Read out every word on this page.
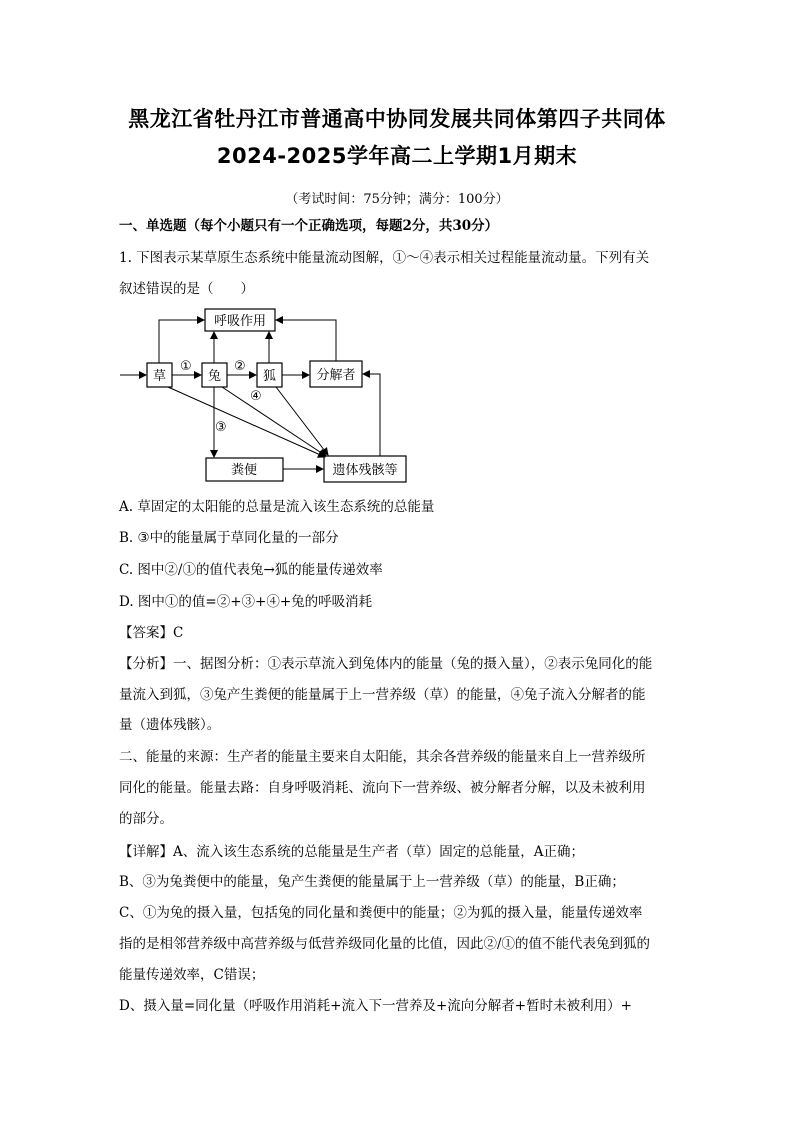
黑龙江省牡丹江市普通高中协同发展共同体第四子共同体
2024-2025学年高二上学期1月期末
（考试时间：75分钟；满分：100分）
一、单选题（每个小题只有一个正确选项，每题2分，共30分）
1. 下图表示某草原生态系统中能量流动图解，①～④表示相关过程能量流动量。下列有关
叙述错误的是（　　）
呼吸作用
草	兔	狐	分解者
粪便	遗体残骸等
①	②
③
④
A. 草固定的太阳能的总量是流入该生态系统的总能量
B. ③中的能量属于草同化量的一部分
C. 图中②/①的值代表兔→狐的能量传递效率
D. 图中①的值=②+③+④+兔的呼吸消耗
【答案】C
【分析】一、据图分析：①表示草流入到兔体内的能量（兔的摄入量），②表示兔同化的能
量流入到狐，③兔产生粪便的能量属于上一营养级（草）的能量，④兔子流入分解者的能
量（遗体残骸）。
二、能量的来源：生产者的能量主要来自太阳能，其余各营养级的能量来自上一营养级所
同化的能量。能量去路：自身呼吸消耗、流向下一营养级、被分解者分解，以及未被利用
的部分。
【详解】A、流入该生态系统的总能量是生产者（草）固定的总能量，A正确；
B、③为兔粪便中的能量，兔产生粪便的能量属于上一营养级（草）的能量，B正确；
C、①为兔的摄入量，包括兔的同化量和粪便中的能量；②为狐的摄入量，能量传递效率
指的是相邻营养级中高营养级与低营养级同化量的比值，因此②/①的值不能代表兔到狐的
能量传递效率，C错误；
D、摄入量=同化量（呼吸作用消耗+流入下一营养及+流向分解者+暂时未被利用）+
